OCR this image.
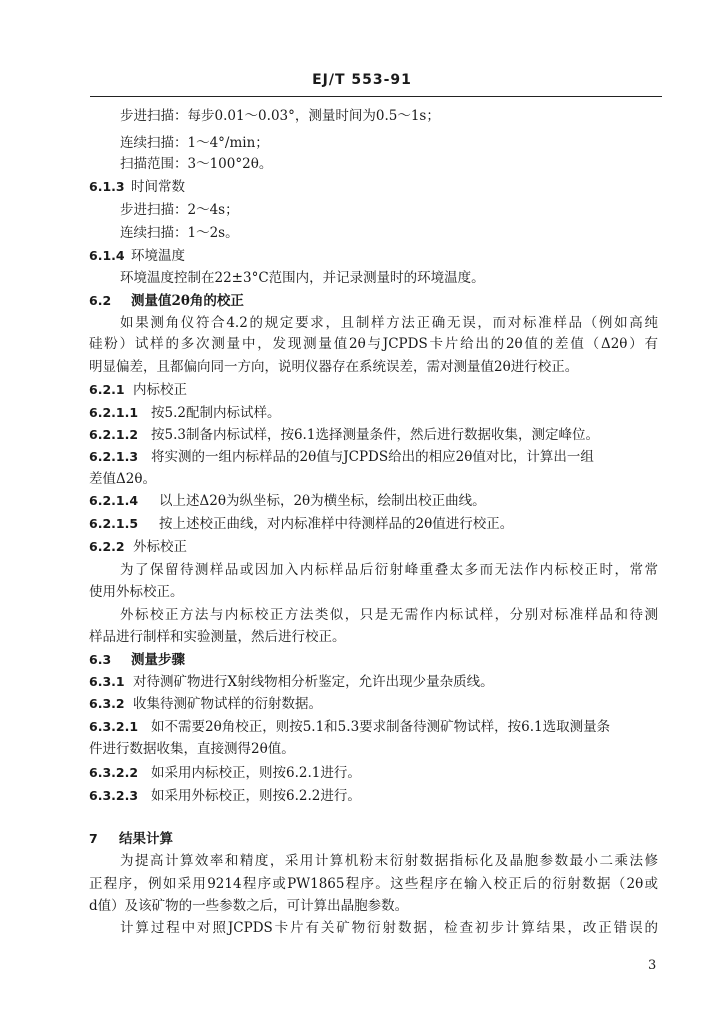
EJ/T 553-91
步进扫描：每步0.01～0.03°，测量时间为0.5～1s；
连续扫描：1～4°/min；
扫描范围：3～100°2θ。
6.1.3 时间常数
步进扫描：2～4s；
连续扫描：1～2s。
6.1.4 环境温度
环境温度控制在22±3°C范围内，并记录测量时的环境温度。
6.2 测量值2θ角的校正
如果测角仪符合4.2的规定要求，且制样方法正确无误，而对标准样品（例如高纯
硅粉）试样的多次测量中，发现测量值2θ与JCPDS卡片给出的2θ值的差值（Δ2θ）有
明显偏差，且都偏向同一方向，说明仪器存在系统误差，需对测量值2θ进行校正。
6.2.1 内标校正
6.2.1.1 按5.2配制内标试样。
6.2.1.2 按5.3制备内标试样，按6.1选择测量条件，然后进行数据收集，测定峰位。
6.2.1.3 将实测的一组内标样品的2θ值与JCPDS给出的相应2θ值对比，计算出一组
差值Δ2θ。
6.2.1.4 以上述Δ2θ为纵坐标，2θ为横坐标，绘制出校正曲线。
6.2.1.5 按上述校正曲线，对内标准样中待测样品的2θ值进行校正。
6.2.2 外标校正
为了保留待测样品或因加入内标样品后衍射峰重叠太多而无法作内标校正时，常常
使用外标校正。
外标校正方法与内标校正方法类似，只是无需作内标试样，分别对标准样品和待测
样品进行制样和实验测量，然后进行校正。
6.3 测量步骤
6.3.1 对待测矿物进行X射线物相分析鉴定，允许出现少量杂质线。
6.3.2 收集待测矿物试样的衍射数据。
6.3.2.1 如不需要2θ角校正，则按5.1和5.3要求制备待测矿物试样，按6.1选取测量条
件进行数据收集，直接测得2θ值。
6.3.2.2 如采用内标校正，则按6.2.1进行。
6.3.2.3 如采用外标校正，则按6.2.2进行。
7 结果计算
为提高计算效率和精度，采用计算机粉末衍射数据指标化及晶胞参数最小二乘法修
正程序，例如采用9214程序或PW1865程序。这些程序在输入校正后的衍射数据（2θ或
d值）及该矿物的一些参数之后，可计算出晶胞参数。
计算过程中对照JCPDS卡片有关矿物衍射数据，检查初步计算结果，改正错误的
3
